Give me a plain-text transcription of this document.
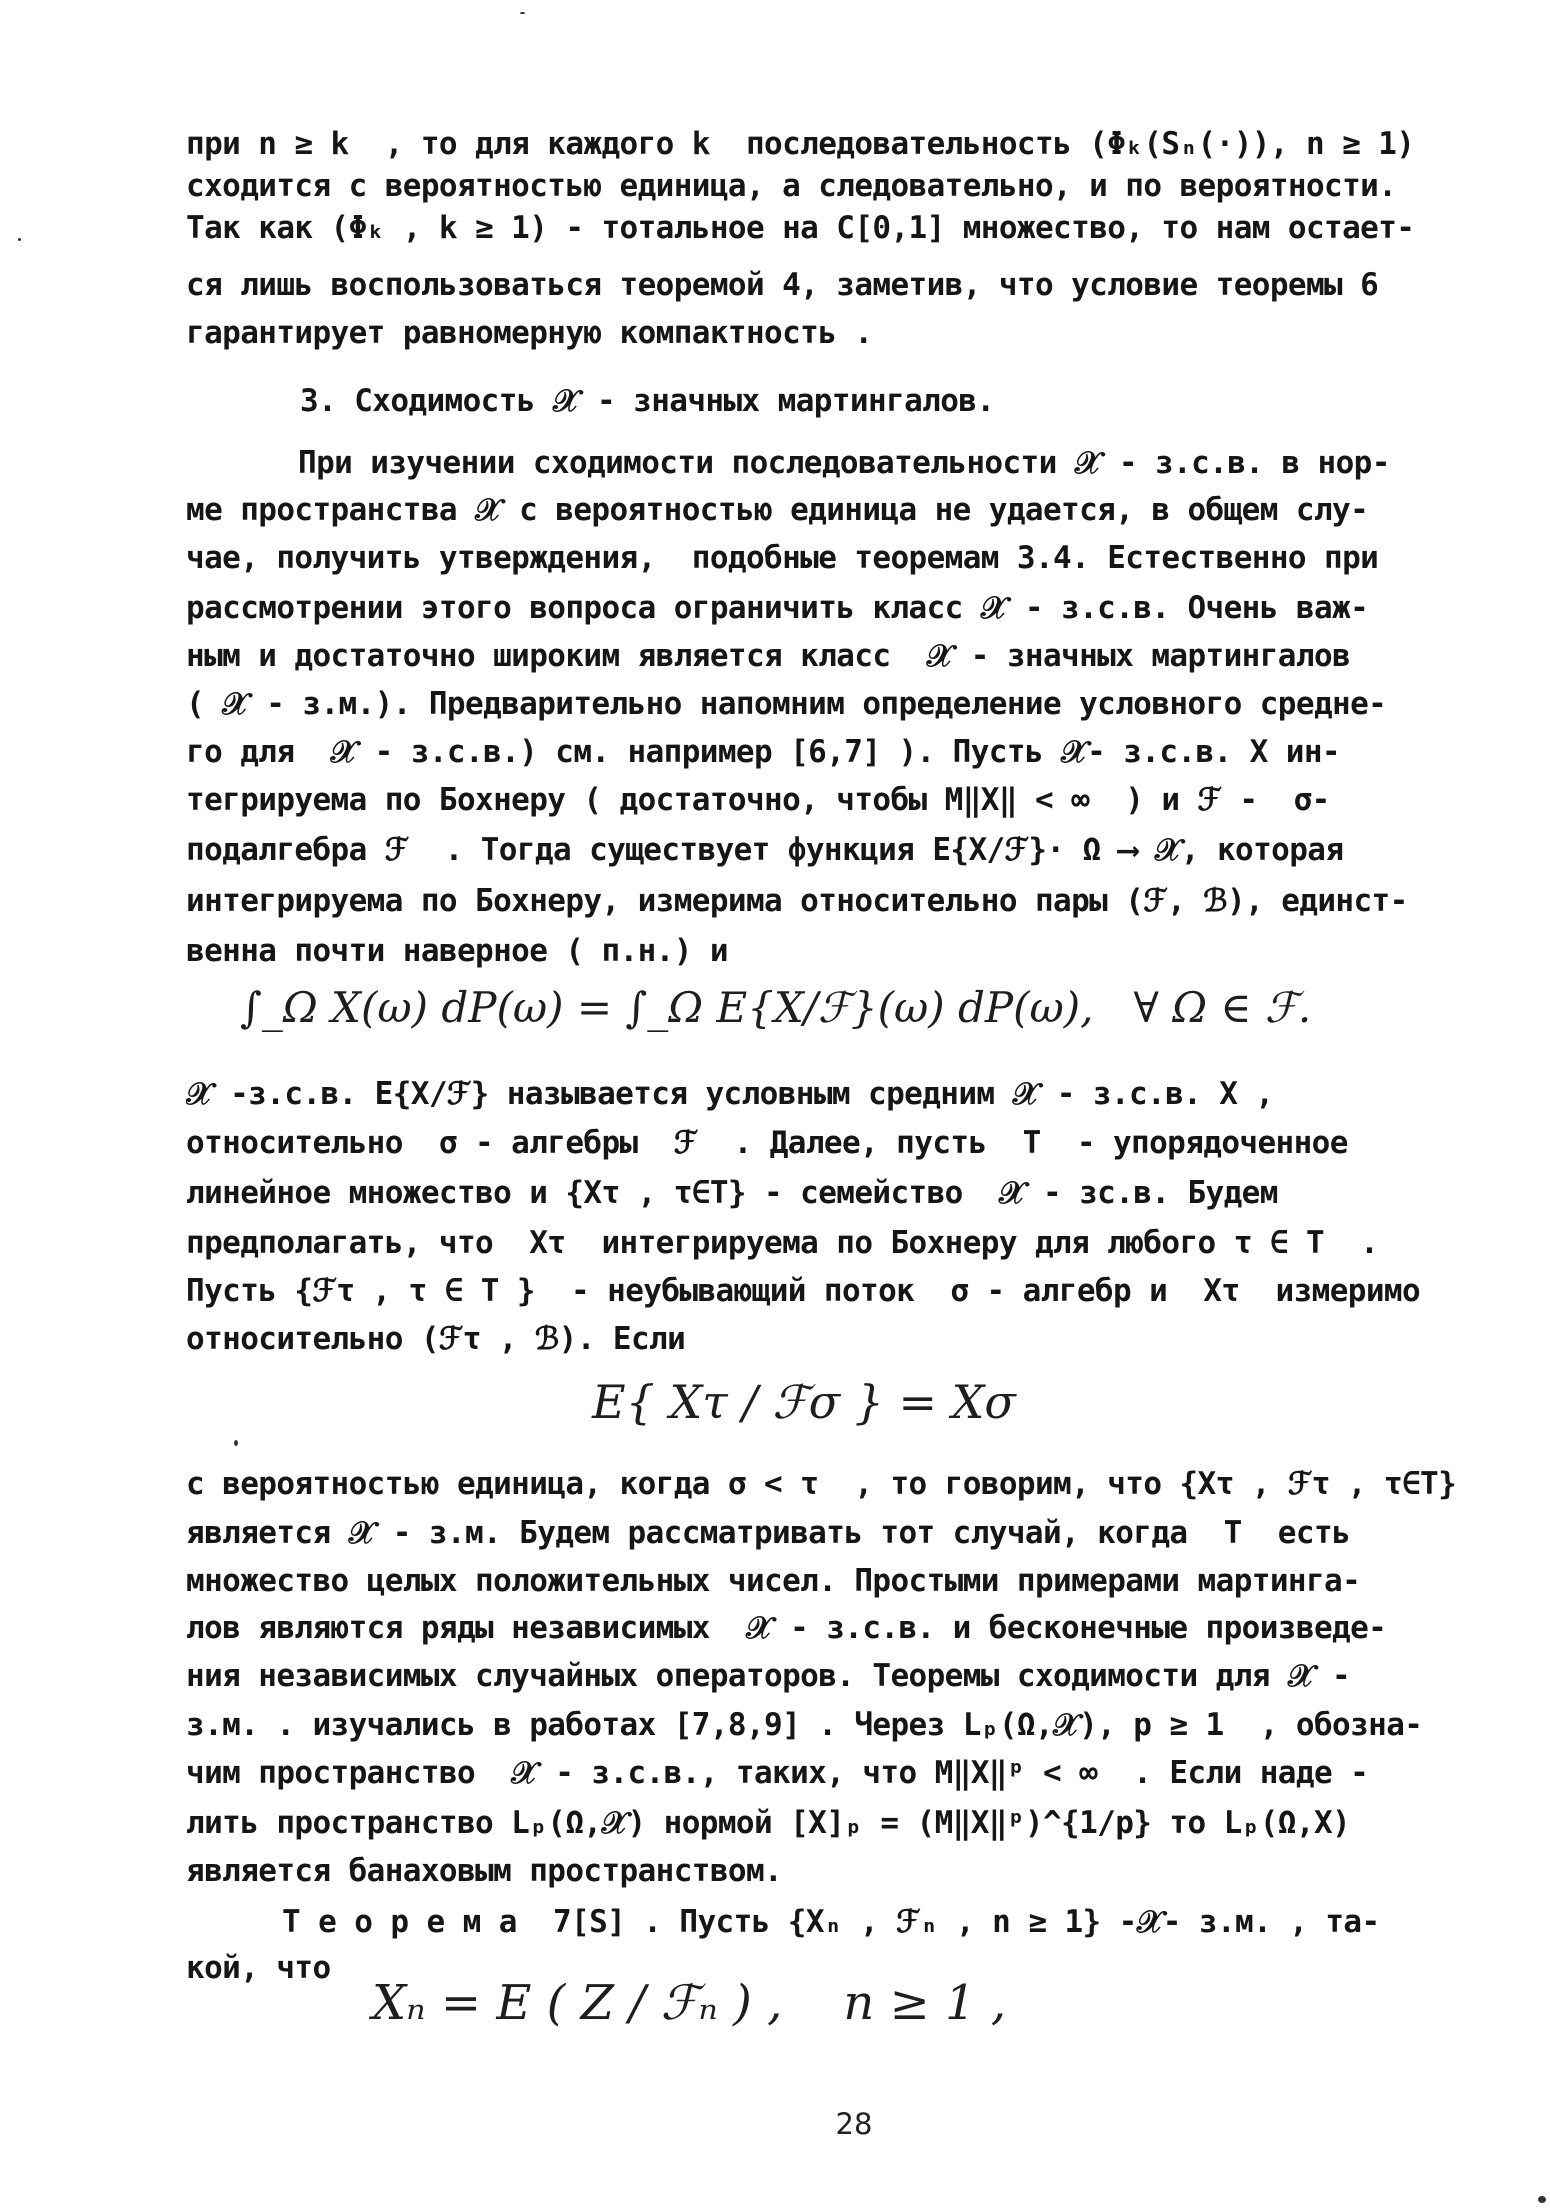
при n ≥ k  , то для каждого k  последовательность (Φₖ(Sₙ(·)), n ≥ 1)
сходится с вероятностью единица, а следовательно, и по вероятности.
Так как (Φₖ , k ≥ 1) - тотальное на C[0,1] множество, то нам остает-
ся лишь воспользоваться теоремой 4, заметив, что условие теоремы 6
гарантирует равномерную компактность .
3. Сходимость 𝒳 - значных мартингалов.
При изучении сходимости последовательности 𝒳 - з.с.в. в нор-
ме пространства 𝒳 с вероятностью единица не удается, в общем слу-
чае, получить утверждения,  подобные теоремам 3.4. Естественно при
рассмотрении этого вопроса ограничить класс 𝒳 - з.с.в. Очень важ-
ным и достаточно широким является класс  𝒳 - значных мартингалов
( 𝒳 - з.м.). Предварительно напомним определение условного средне-
го для  𝒳 - з.с.в.) см. например [6,7] ). Пусть 𝒳- з.с.в. X ин-
тегрируема по Бохнеру ( достаточно, чтобы M‖X‖ < ∞  ) и ℱ -  σ-
подалгебра ℱ  . Тогда существует функция E{X/ℱ}· Ω ⟶ 𝒳, которая
интегрируема по Бохнеру, измерима относительно пары (ℱ, ℬ), единст-
венна почти наверное ( п.н.) и
∫_Ω X(ω) dP(ω) = ∫_Ω E{X/ℱ}(ω) dP(ω),   ∀ Ω ∈ ℱ.
𝒳 -з.с.в. E{X/ℱ} называется условным средним 𝒳 - з.с.в. X ,
относительно  σ - алгебры  ℱ  . Далее, пусть  T  - упорядоченное
линейное множество и {Xτ , τ∈T} - семейство  𝒳 - зс.в. Будем
предполагать, что  Xτ  интегрируема по Бохнеру для любого τ ∈ T  .
Пусть {ℱτ , τ ∈ T }  - неубывающий поток  σ - алгебр и  Xτ  измеримо
относительно (ℱτ , ℬ). Если
E{ Xτ / ℱσ } = Xσ
с вероятностью единица, когда σ < τ  , то говорим, что {Xτ , ℱτ , τ∈T}
является 𝒳 - з.м. Будем рассматривать тот случай, когда  T  есть
множество целых положительных чисел. Простыми примерами мартинга-
лов являются ряды независимых  𝒳 - з.с.в. и бесконечные произведе-
ния независимых случайных операторов. Теоремы сходимости для 𝒳 -
з.м. . изучались в работах [7,8,9] . Через Lₚ(Ω,𝒳), p ≥ 1  , обозна-
чим пространство  𝒳 - з.с.в., таких, что M‖X‖ᵖ < ∞  . Если наде -
лить пространство Lₚ(Ω,𝒳) нормой [X]ₚ = (M‖X‖ᵖ)^{1/p} то Lₚ(Ω,X)
является банаховым пространством.
Т е о р е м а  7[S] . Пусть {Xₙ , ℱₙ , n ≥ 1} -𝒳- з.м. , та-
кой, что
Xₙ = E ( Z / ℱₙ ) ,    n ≥ 1 ,
28
